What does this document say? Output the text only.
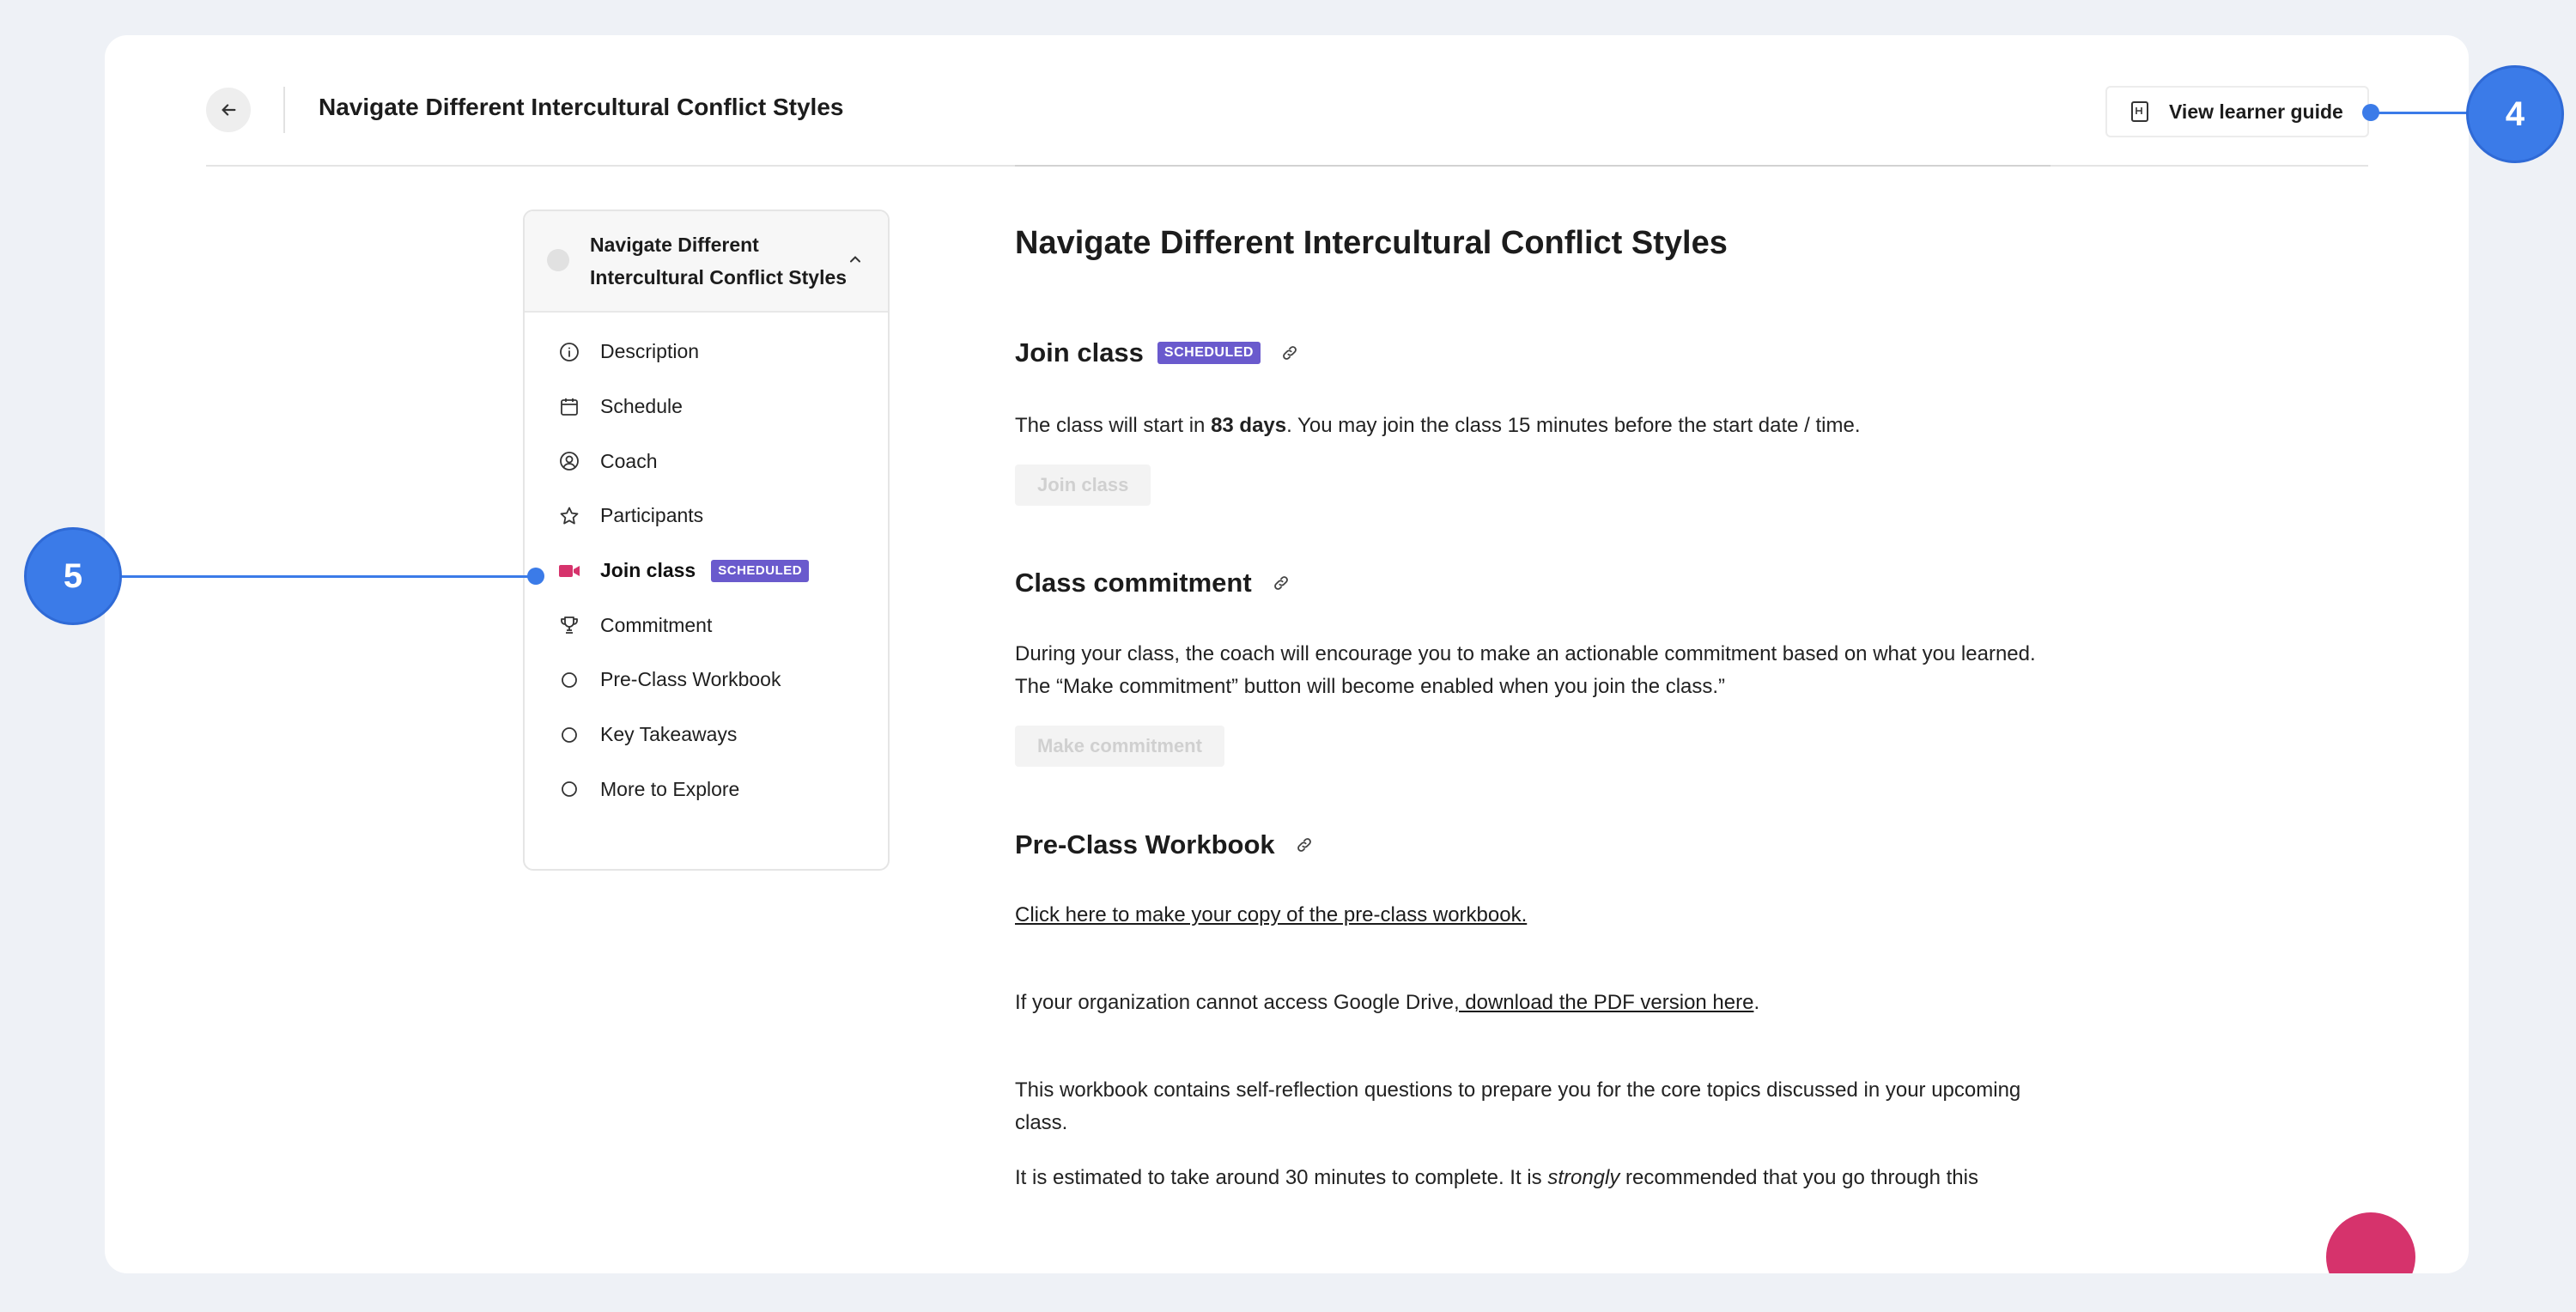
Navigate Different Intercultural Conflict Styles	View learner guide
Navigate Different Intercultural Conflict Styles
Description
Schedule
Coach
Participants
Join class	SCHEDULED
Commitment
Pre-Class Workbook
Key Takeaways
More to Explore
Navigate Different Intercultural Conflict Styles
Join class	SCHEDULED
The class will start in 83 days. You may join the class 15 minutes before the start date / time.
Join class
Class commitment
During your class, the coach will encourage you to make an actionable commitment based on what you learned. The “Make commitment” button will become enabled when you join the class.”
Make commitment
Pre-Class Workbook
Click here to make your copy of the pre-class workbook.
If your organization cannot access Google Drive, download the PDF version here.
This workbook contains self-reflection questions to prepare you for the core topics discussed in your upcoming class.
It is estimated to take around 30 minutes to complete. It is strongly recommended that you go through this
4
5
